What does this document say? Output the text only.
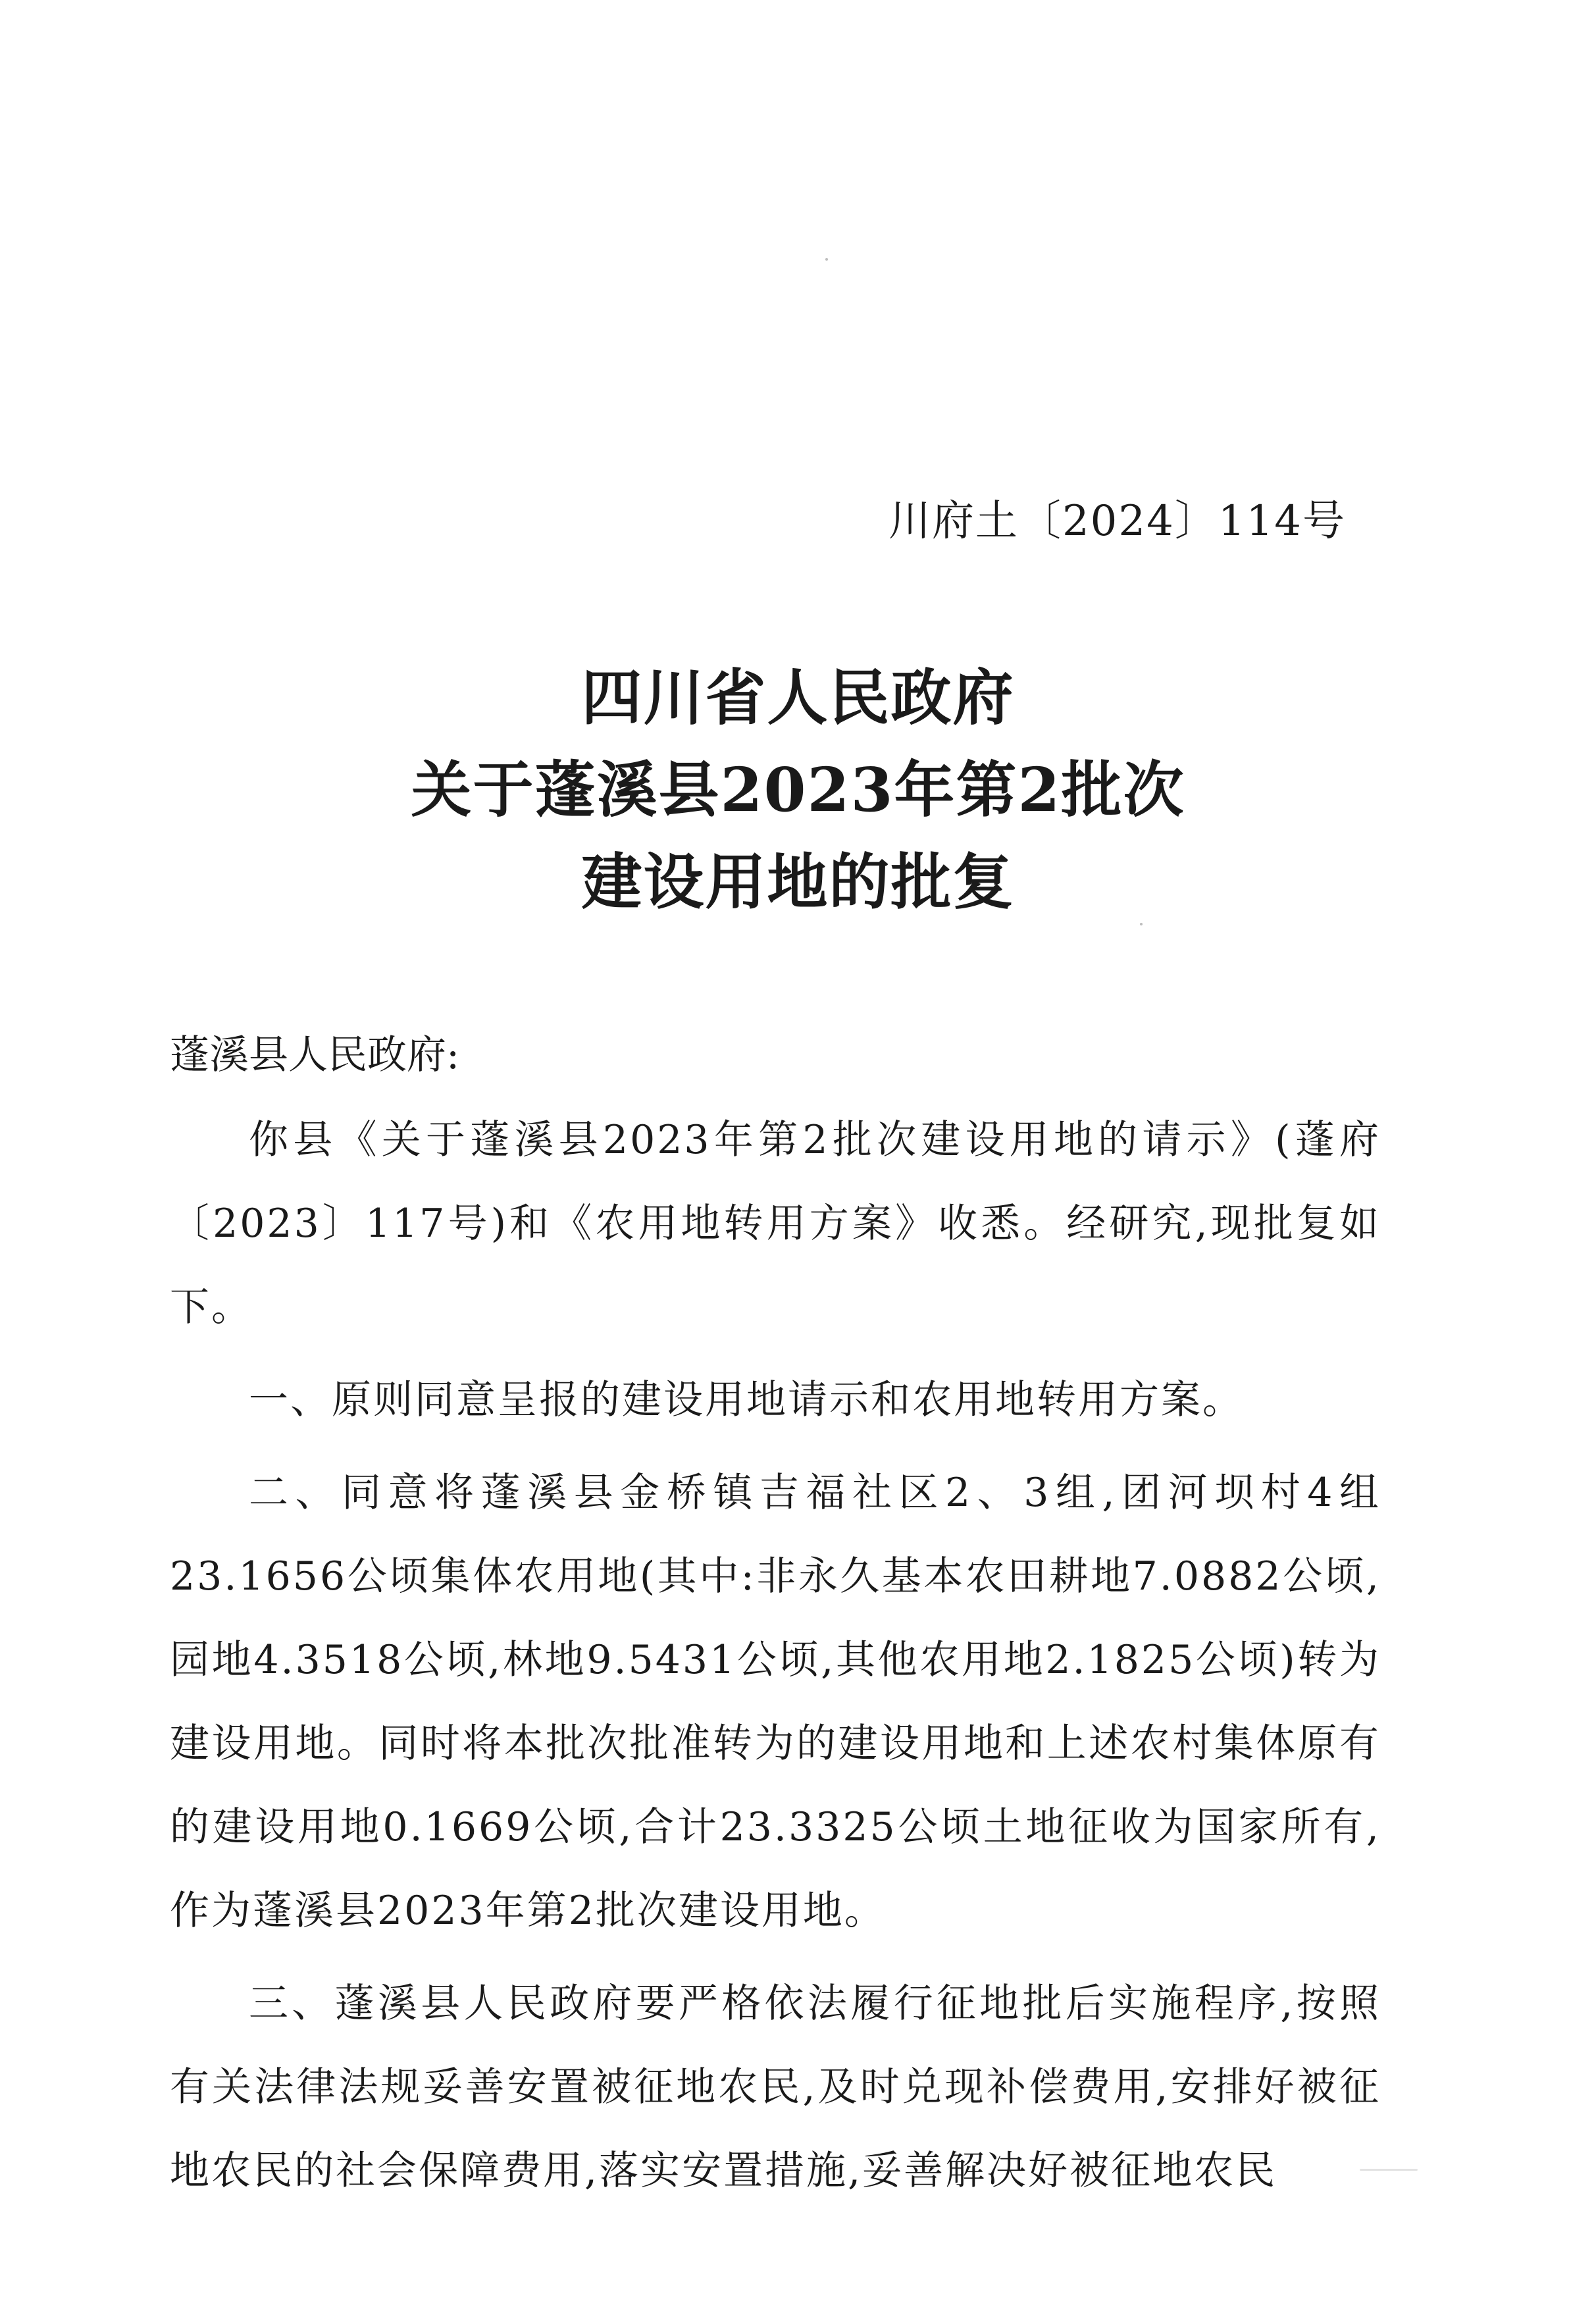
川府土〔2024〕114号
四川省人民政府
关于蓬溪县2023年第2批次
建设用地的批复
蓬溪县人民政府:

你县《关于蓬溪县2023年第2批次建设用地的请示》(蓬府〔2023〕117号)和《农用地转用方案》收悉。经研究,现批复如下。

一、原则同意呈报的建设用地请示和农用地转用方案。

二、同意将蓬溪县金桥镇吉福社区2、3组,团河坝村4组23.1656公顷集体农用地(其中:非永久基本农田耕地7.0882公顷,园地4.3518公顷,林地9.5431公顷,其他农用地2.1825公顷)转为建设用地。同时将本批次批准转为的建设用地和上述农村集体原有的建设用地0.1669公顷,合计23.3325公顷土地征收为国家所有,作为蓬溪县2023年第2批次建设用地。

三、蓬溪县人民政府要严格依法履行征地批后实施程序,按照有关法律法规妥善安置被征地农民,及时兑现补偿费用,安排好被征地农民的社会保障费用,落实安置措施,妥善解决好被征地农民
